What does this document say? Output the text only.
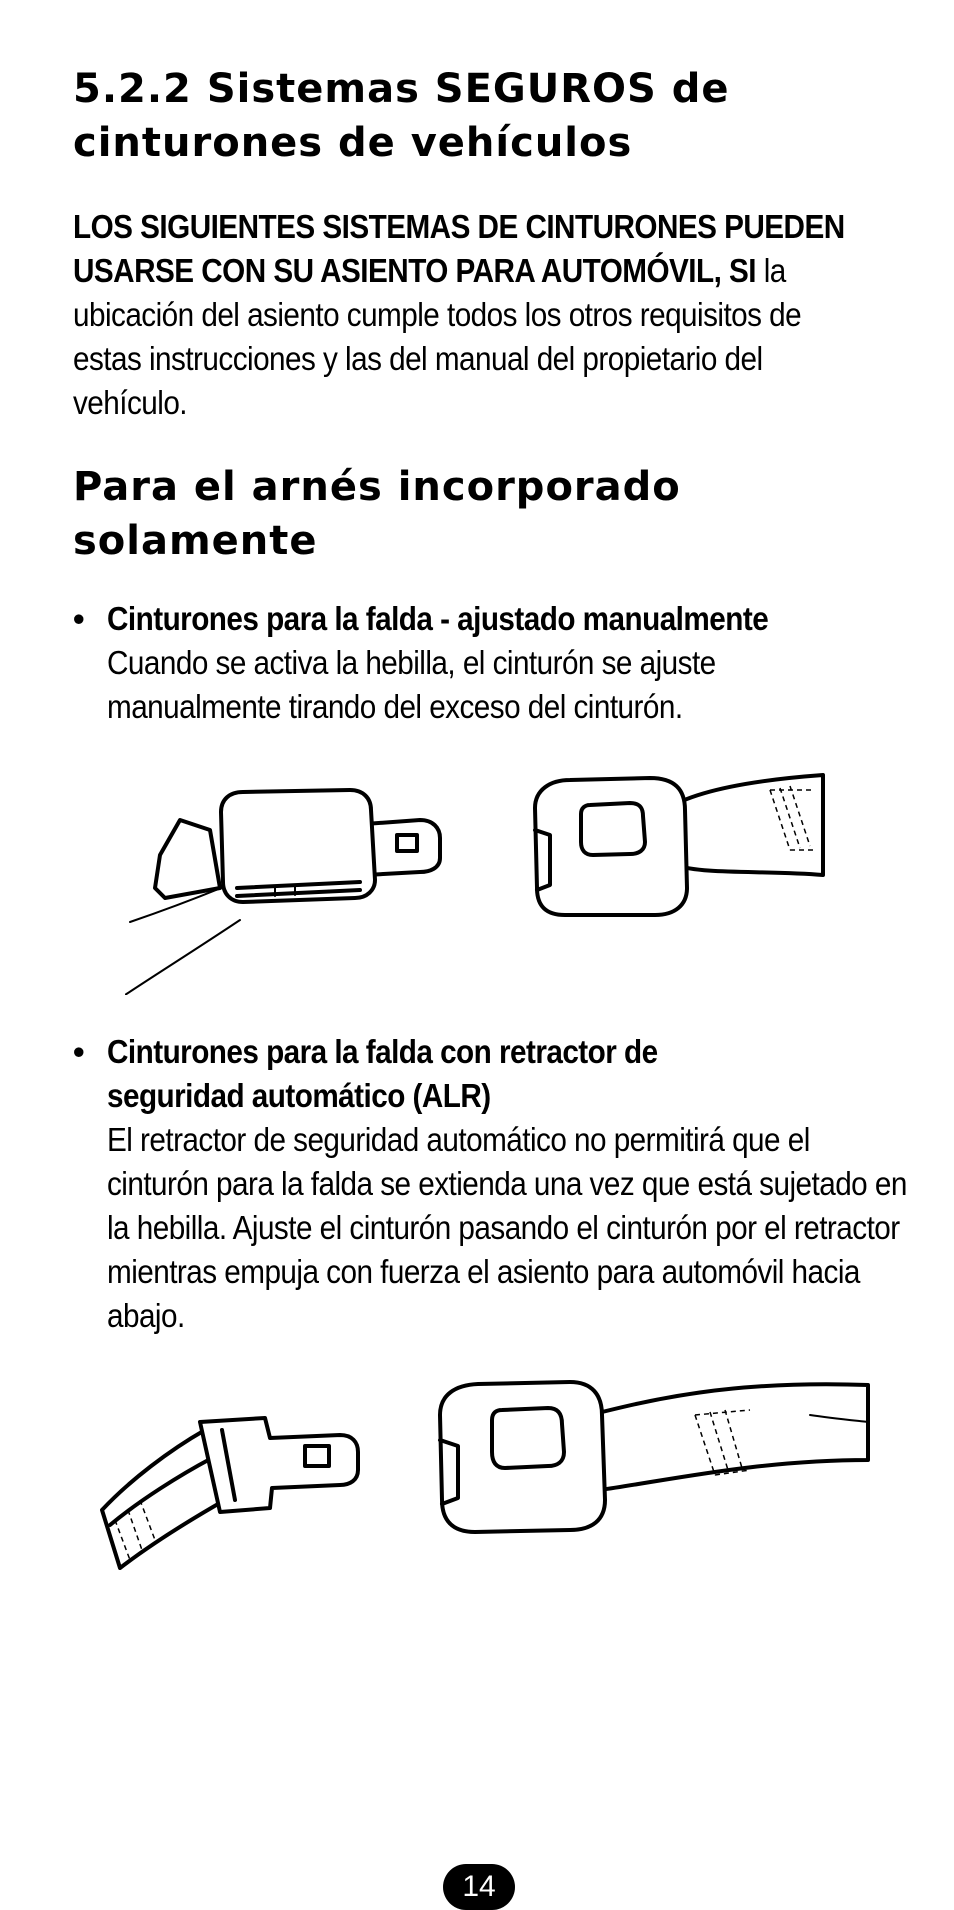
5.2.2 Sistemas SEGUROS de cinturones de vehículos

LOS SIGUIENTES SISTEMAS DE CINTURONES PUEDEN USARSE CON SU ASIENTO PARA AUTOMÓVIL, SI la ubicación del asiento cumple todos los otros requisitos de estas instrucciones y las del manual del propietario del vehículo.

Para el arnés incorporado solamente
• Cinturones para la falda - ajustado manualmente
Cuando se activa la hebilla, el cinturón se ajuste manualmente tirando del exceso del cinturón.

• Cinturones para la falda con retractor de seguridad automático (ALR)
El retractor de seguridad automático no permitirá que el cinturón para la falda se extienda una vez que está sujetado en la hebilla. Ajuste el cinturón pasando el cinturón por el retractor mientras empuja con fuerza el asiento para automóvil hacia abajo.

14
